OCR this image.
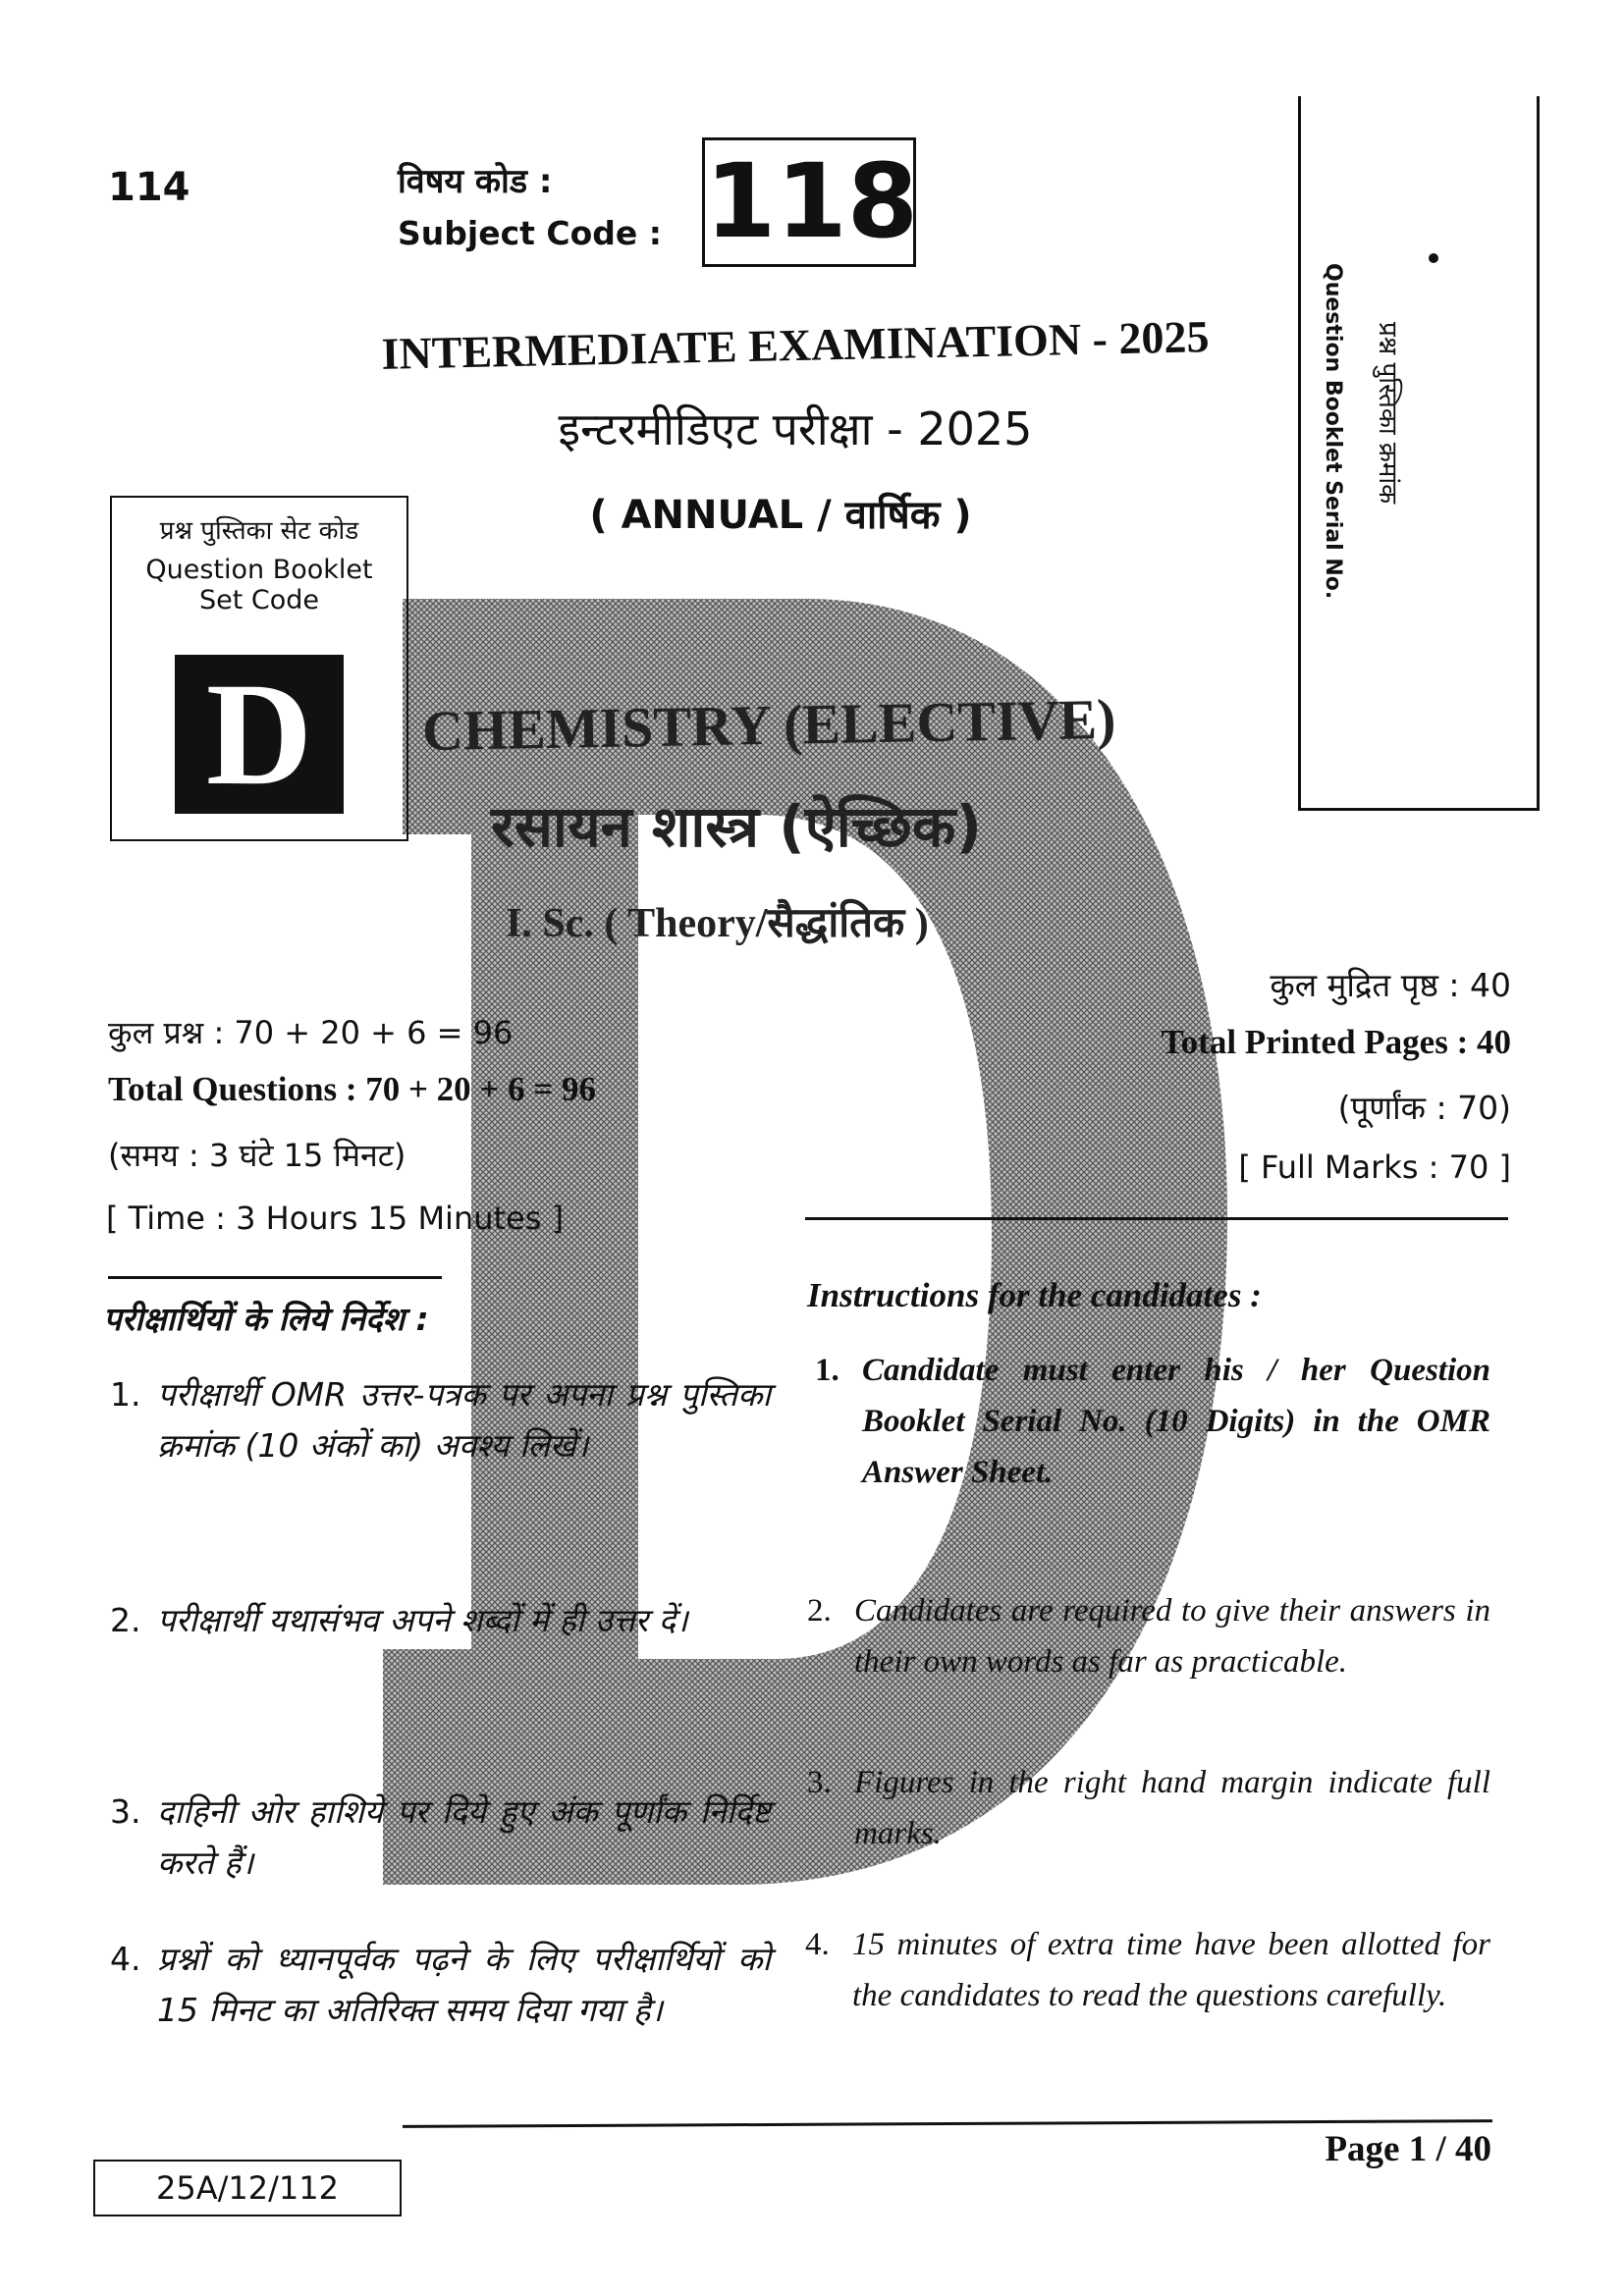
114	विषय कोड :
Subject Code : 118
Question Booklet Serial No. प्रश्न पुस्तिका क्रमांक
INTERMEDIATE EXAMINATION - 2025
इन्टरमीडिएट परीक्षा - 2025
( ANNUAL / वार्षिक )
प्रश्न पुस्तिका सेट कोड
Question Booklet
Set Code
D	CHEMISTRY (ELECTIVE)
रसायन शास्त्र (ऐच्छिक)
I. Sc. ( Theory/सैद्धांतिक )
कुल प्रश्न : 70 + 20 + 6 = 96
Total Questions : 70 + 20 + 6 = 96
(समय : 3 घंटे 15 मिनट)
[ Time : 3 Hours 15 Minutes ]
कुल मुद्रित पृष्ठ : 40
Total Printed Pages : 40
(पूर्णांक : 70)
[ Full Marks : 70 ]
परीक्षार्थियों के लिये निर्देश :
Instructions for the candidates :
1. परीक्षार्थी OMR उत्तर-पत्रक पर अपना प्रश्न पुस्तिका क्रमांक (10 अंकों का) अवश्य लिखें।
2. परीक्षार्थी यथासंभव अपने शब्दों में ही उत्तर दें।
3. दाहिनी ओर हाशिये पर दिये हुए अंक पूर्णांक निर्दिष्ट करते हैं।
4. प्रश्नों को ध्यानपूर्वक पढ़ने के लिए परीक्षार्थियों को 15 मिनट का अतिरिक्त समय दिया गया है।
1. Candidate must enter his / her Question Booklet Serial No. (10 Digits) in the OMR Answer Sheet.
2. Candidates are required to give their answers in their own words as far as practicable.
3. Figures in the right hand margin indicate full marks.
4. 15 minutes of extra time have been allotted for the candidates to read the questions carefully.
25A/12/112
Page 1 / 40
